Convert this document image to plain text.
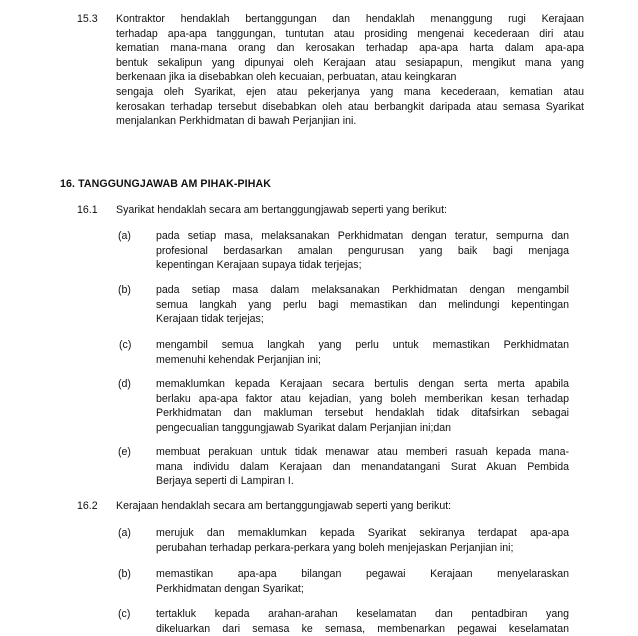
15.3 Kontraktor hendaklah bertanggungan dan hendaklah menanggung rugi Kerajaan
terhadap apa-apa tanggungan, tuntutan atau prosiding mengenai kecederaan diri atau
kematian mana-mana orang dan kerosakan terhadap apa-apa harta dalam apa-apa
bentuk sekalipun yang dipunyai oleh Kerajaan atau sesiapapun, mengikut mana yang
berkenaan jika ia disebabkan oleh kecuaian, perbuatan, atau keingkaran
sengaja oleh Syarikat, ejen atau pekerjanya yang mana kecederaan, kematian atau
kerosakan terhadap tersebut disebabkan oleh atau berbangkit daripada atau semasa Syarikat
menjalankan Perkhidmatan di bawah Perjanjian ini.
16. TANGGUNGJAWAB AM PIHAK-PIHAK
16.1 Syarikat hendaklah secara am bertanggungjawab seperti yang berikut:
(a) pada setiap masa, melaksanakan Perkhidmatan dengan teratur, sempurna dan
profesional berdasarkan amalan pengurusan yang baik bagi menjaga
kepentingan Kerajaan supaya tidak terjejas;
(b) pada setiap masa dalam melaksanakan Perkhidmatan dengan mengambil
semua langkah yang perlu bagi memastikan dan melindungi kepentingan
Kerajaan tidak terjejas;
(c) mengambil semua langkah yang perlu untuk memastikan Perkhidmatan
memenuhi kehendak Perjanjian ini;
(d) memaklumkan kepada Kerajaan secara bertulis dengan serta merta apabila
berlaku apa-apa faktor atau kejadian, yang boleh memberikan kesan terhadap
Perkhidmatan dan makluman tersebut hendaklah tidak ditafsirkan sebagai
pengecualian tanggungjawab Syarikat dalam Perjanjian ini;dan
(e) membuat perakuan untuk tidak menawar atau memberi rasuah kepada mana-
mana individu dalam Kerajaan dan menandatangani Surat Akuan Pembida
Berjaya seperti di Lampiran I.
16.2 Kerajaan hendaklah secara am bertanggungjawab seperti yang berikut:
(a) merujuk dan memaklumkan kepada Syarikat sekiranya terdapat apa-apa
perubahan terhadap perkara-perkara yang boleh menjejaskan Perjanjian ini;
(b) memastikan apa-apa bilangan pegawai Kerajaan menyelaraskan
Perkhidmatan dengan Syarikat;
(c) tertakluk kepada arahan-arahan keselamatan dan pentadbiran yang
dikeluarkan dari semasa ke semasa, membenarkan pegawai keselamatan
